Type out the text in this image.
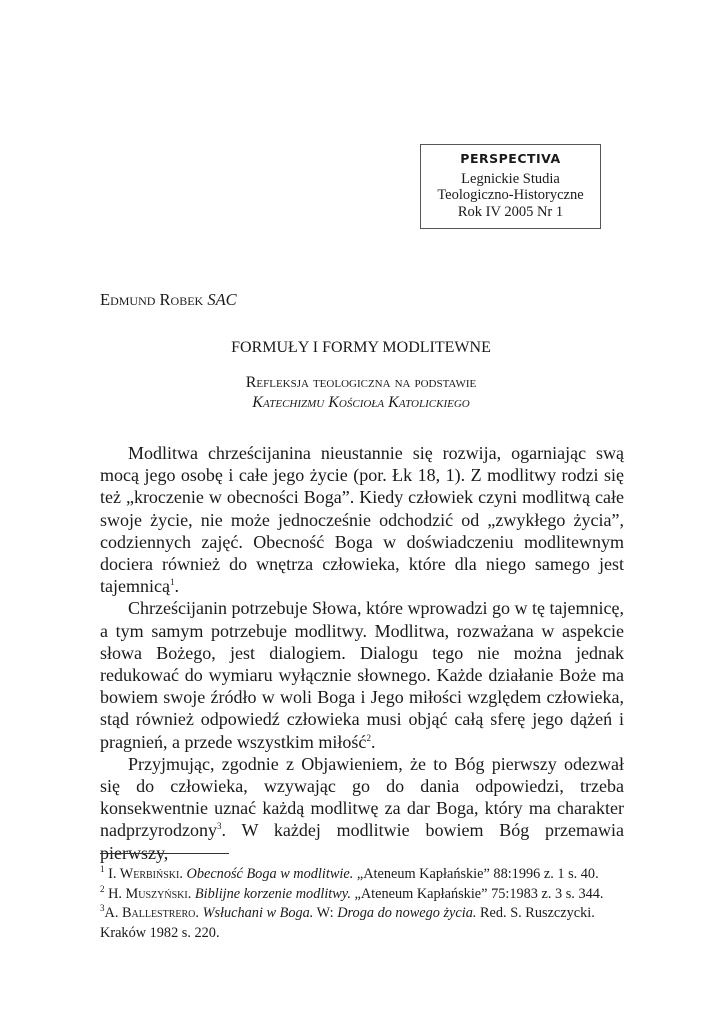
PERSPECTIVA
Legnickie Studia
Teologiczno-Historyczne
Rok IV 2005 Nr 1
Edmund Robek SAC
FORMUŁY I FORMY MODLITEWNE
Refleksja teologiczna na podstawie
Katechizmu Kościoła Katolickiego

Modlitwa chrześcijanina nieustannie się rozwija, ogarniając swą mocą jego osobę i całe jego życie (por. Łk 18, 1). Z modlitwy rodzi się też „kroczenie w obecności Boga”. Kiedy człowiek czyni modlitwą całe swoje życie, nie może jednocześnie odchodzić od „zwykłego życia”, codziennych zajęć. Obecność Boga w doświadczeniu modlitewnym dociera również do wnętrza człowieka, które dla niego samego jest tajemnicą$^1$.

Chrześcijanin potrzebuje Słowa, które wprowadzi go w tę tajemnicę, a tym samym potrzebuje modlitwy. Modlitwa, rozważana w aspekcie słowa Bożego, jest dialogiem. Dialogu tego nie można jednak redukować do wymiaru wyłącznie słownego. Każde działanie Boże ma bowiem swoje źródło w woli Boga i Jego miłości względem człowieka, stąd również odpowiedź człowieka musi objąć całą sferę jego dążeń i pragnień, a przede wszystkim miłość$^2$.

Przyjmując, zgodnie z Objawieniem, że to Bóg pierwszy odezwał się do człowieka, wzywając go do dania odpowiedzi, trzeba konsekwentnie uznać każdą modlitwę za dar Boga, który ma charakter nadprzyrodzony$^3$. W każdej modlitwie bowiem Bóg przemawia pierwszy,

$^1$ I. Werbiński. Obecność Boga w modlitwie. „Ateneum Kapłańskie” 88:1996 z. 1 s. 40.

$^2$ H. Muszyński. Biblijne korzenie modlitwy. „Ateneum Kapłańskie” 75:1983 z. 3 s. 344.

$^3$A. Ballestrero. Wsłuchani w Boga. W: Droga do nowego życia. Red. S. Ruszczycki. Kraków 1982 s. 220.
